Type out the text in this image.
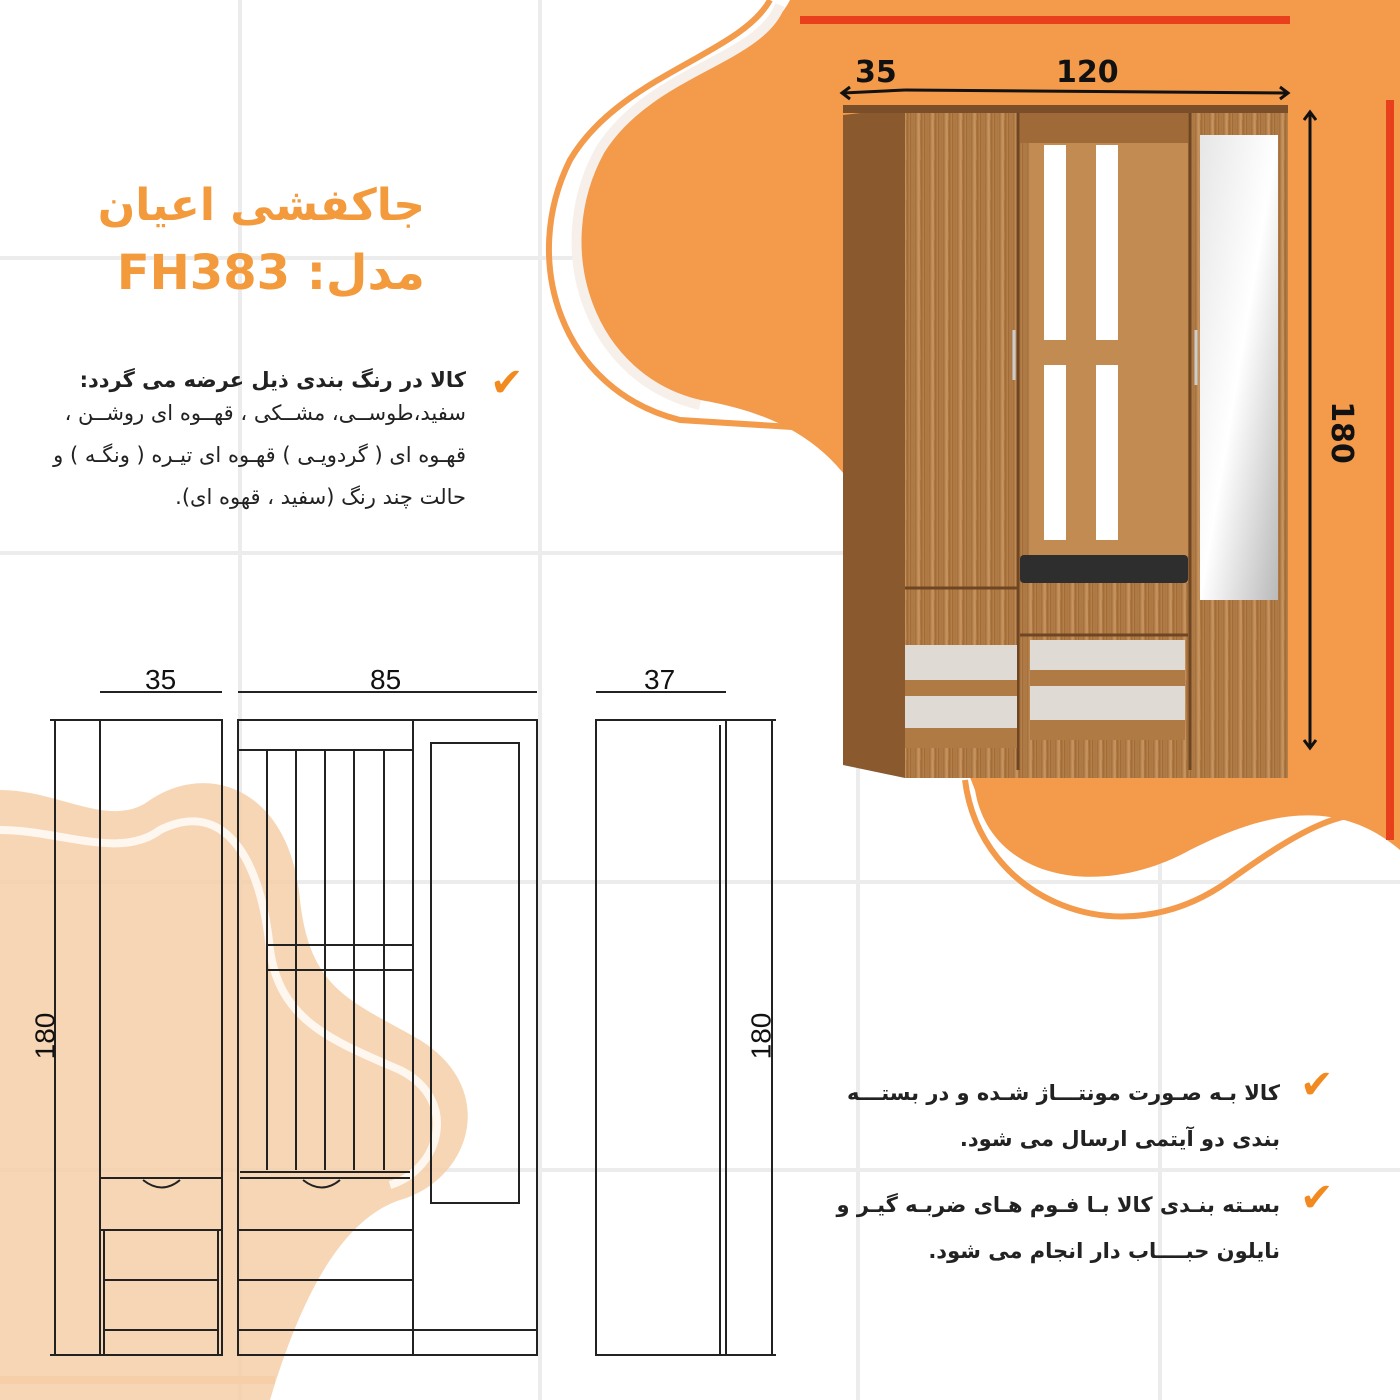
جاکفشی اعیان
مدل: FH383
✔
کالا در رنگ بندی ذیل عرضه می گردد:
سفید،طوســی، مشــکی ، قهــوه ای روشــن ،
قهـوه ای ( گردویـی ) قهـوه ای تیـره ( ونگـه ) و
حالت چند رنگ (سفید ، قهوه ای).
✔
کالا بـه صـورت مونتـــاژ شـده و در بستـــه
بندی دو آیتمی ارسال می شود.
✔
بسـته بنـدی کالا بـا فـوم هـای ضربـه گیـر و
نایلون حبــــاب دار انجام می شود.
35	120
180
35	85	37
180	180
